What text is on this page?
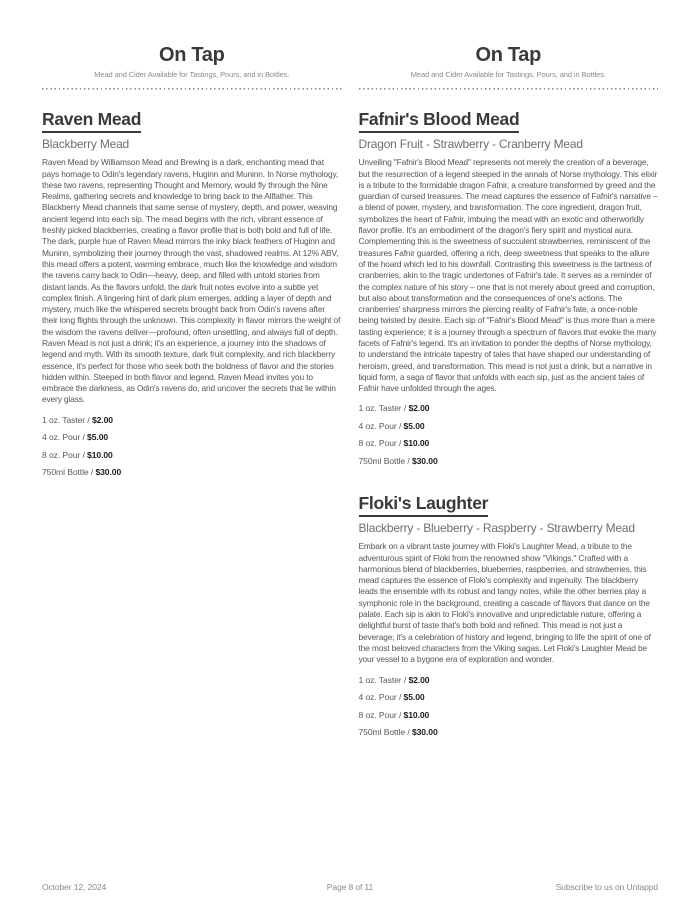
On Tap
Mead and Cider Available for Tastings, Pours, and in Bottles.
Raven Mead
Blackberry Mead
Raven Mead by Williamson Mead and Brewing is a dark, enchanting mead that pays homage to Odin's legendary ravens, Huginn and Muninn. In Norse mythology, these two ravens, representing Thought and Memory, would fly through the Nine Realms, gathering secrets and knowledge to bring back to the Allfather. This Blackberry Mead channels that same sense of mystery, depth, and power, weaving ancient legend into each sip. The mead begins with the rich, vibrant essence of freshly picked blackberries, creating a flavor profile that is both bold and full of life. The dark, purple hue of Raven Mead mirrors the inky black feathers of Huginn and Muninn, symbolizing their journey through the vast, shadowed realms. At 12% ABV, this mead offers a potent, warming embrace, much like the knowledge and wisdom the ravens carry back to Odin—heavy, deep, and filled with untold stories from distant lands. As the flavors unfold, the dark fruit notes evolve into a subtle yet complex finish. A lingering hint of dark plum emerges, adding a layer of depth and mystery, much like the whispered secrets brought back from Odin's ravens after their long flights through the unknown. This complexity in flavor mirrors the weight of the wisdom the ravens deliver—profound, often unsettling, and always full of depth. Raven Mead is not just a drink; it's an experience, a journey into the shadows of legend and myth. With its smooth texture, dark fruit complexity, and rich blackberry essence, it's perfect for those who seek both the boldness of flavor and the stories hidden within. Steeped in both flavor and legend, Raven Mead invites you to embrace the darkness, as Odin's ravens do, and uncover the secrets that lie within every glass.
1 oz. Taster / $2.00
4 oz. Pour / $5.00
8 oz. Pour / $10.00
750ml Bottle / $30.00
On Tap
Mead and Cider Available for Tastings, Pours, and in Bottles.
Fafnir's Blood Mead
Dragon Fruit - Strawberry - Cranberry Mead
Unveiling "Fafnir's Blood Mead" represents not merely the creation of a beverage, but the resurrection of a legend steeped in the annals of Norse mythology. This elixir is a tribute to the formidable dragon Fafnir, a creature transformed by greed and the guardian of cursed treasures. The mead captures the essence of Fafnir's narrative – a blend of power, mystery, and transformation. The core ingredient, dragon fruit, symbolizes the heart of Fafnir, imbuing the mead with an exotic and otherworldly flavor profile. It's an embodiment of the dragon's fiery spirit and mystical aura. Complementing this is the sweetness of succulent strawberries, reminiscent of the treasures Fafnir guarded, offering a rich, deep sweetness that speaks to the allure of the hoard which led to his downfall. Contrasting this sweetness is the tartness of cranberries, akin to the tragic undertones of Fafnir's tale. It serves as a reminder of the complex nature of his story – one that is not merely about greed and corruption, but also about transformation and the consequences of one's actions. The cranberries' sharpness mirrors the piercing reality of Fafnir's fate, a once-noble being twisted by desire. Each sip of "Fafnir's Blood Mead" is thus more than a mere tasting experience; it is a journey through a spectrum of flavors that evoke the many facets of Fafnir's legend. It's an invitation to ponder the depths of Norse mythology, to understand the intricate tapestry of tales that have shaped our understanding of heroism, greed, and transformation. This mead is not just a drink, but a narrative in liquid form, a saga of flavor that unfolds with each sip, just as the ancient tales of Fafnir have unfolded through the ages.
1 oz. Taster / $2.00
4 oz. Pour / $5.00
8 oz. Pour / $10.00
750ml Bottle / $30.00
Floki's Laughter
Blackberry - Blueberry - Raspberry - Strawberry Mead
Embark on a vibrant taste journey with Floki's Laughter Mead, a tribute to the adventurous spirit of Floki from the renowned show "Vikings." Crafted with a harmonious blend of blackberries, blueberries, raspberries, and strawberries, this mead captures the essence of Floki's complexity and ingenuity. The blackberry leads the ensemble with its robust and tangy notes, while the other berries play a symphonic role in the background, creating a cascade of flavors that dance on the palate. Each sip is akin to Floki's innovative and unpredictable nature, offering a delightful burst of taste that's both bold and refined. This mead is not just a beverage; it's a celebration of history and legend, bringing to life the spirit of one of the most beloved characters from the Viking sagas. Let Floki's Laughter Mead be your vessel to a bygone era of exploration and wonder.
1 oz. Taster / $2.00
4 oz. Pour / $5.00
8 oz. Pour / $10.00
750ml Bottle / $30.00
October 12, 2024	Page 8 of 11	Subscribe to us on Untappd
